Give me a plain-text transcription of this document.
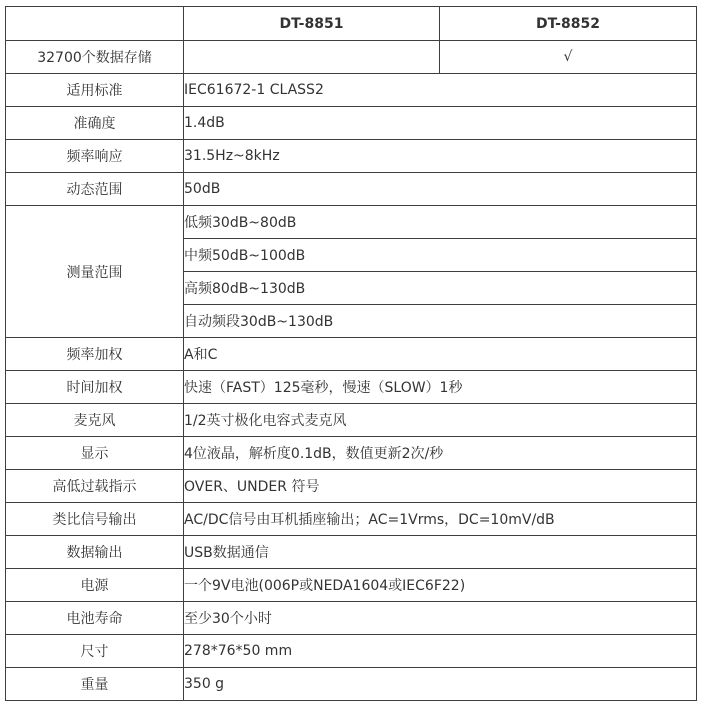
	DT-8851	DT-8852
32700个数据存储		√
适用标准	IEC61672-1 CLASS2	
准确度	1.4dB	
频率响应	31.5Hz~8kHz	
动态范围	50dB	
测量范围	低频30dB~80dB	
	中频50dB~100dB	
	高频80dB~130dB	
	自动频段30dB~130dB	
频率加权	A和C	
时间加权	快速（FAST）125毫秒，慢速（SLOW）1秒	
麦克风	1/2英寸极化电容式麦克风	
显示	4位液晶，解析度0.1dB，数值更新2次/秒	
高低过载指示	OVER、UNDER 符号	
类比信号输出	AC/DC信号由耳机插座输出；AC=1Vrms，DC=10mV/dB	
数据输出	USB数据通信	
电源	一个9V电池(006P或NEDA1604或IEC6F22)	
电池寿命	至少30个小时	
尺寸	278*76*50 mm	
重量	350 g	
